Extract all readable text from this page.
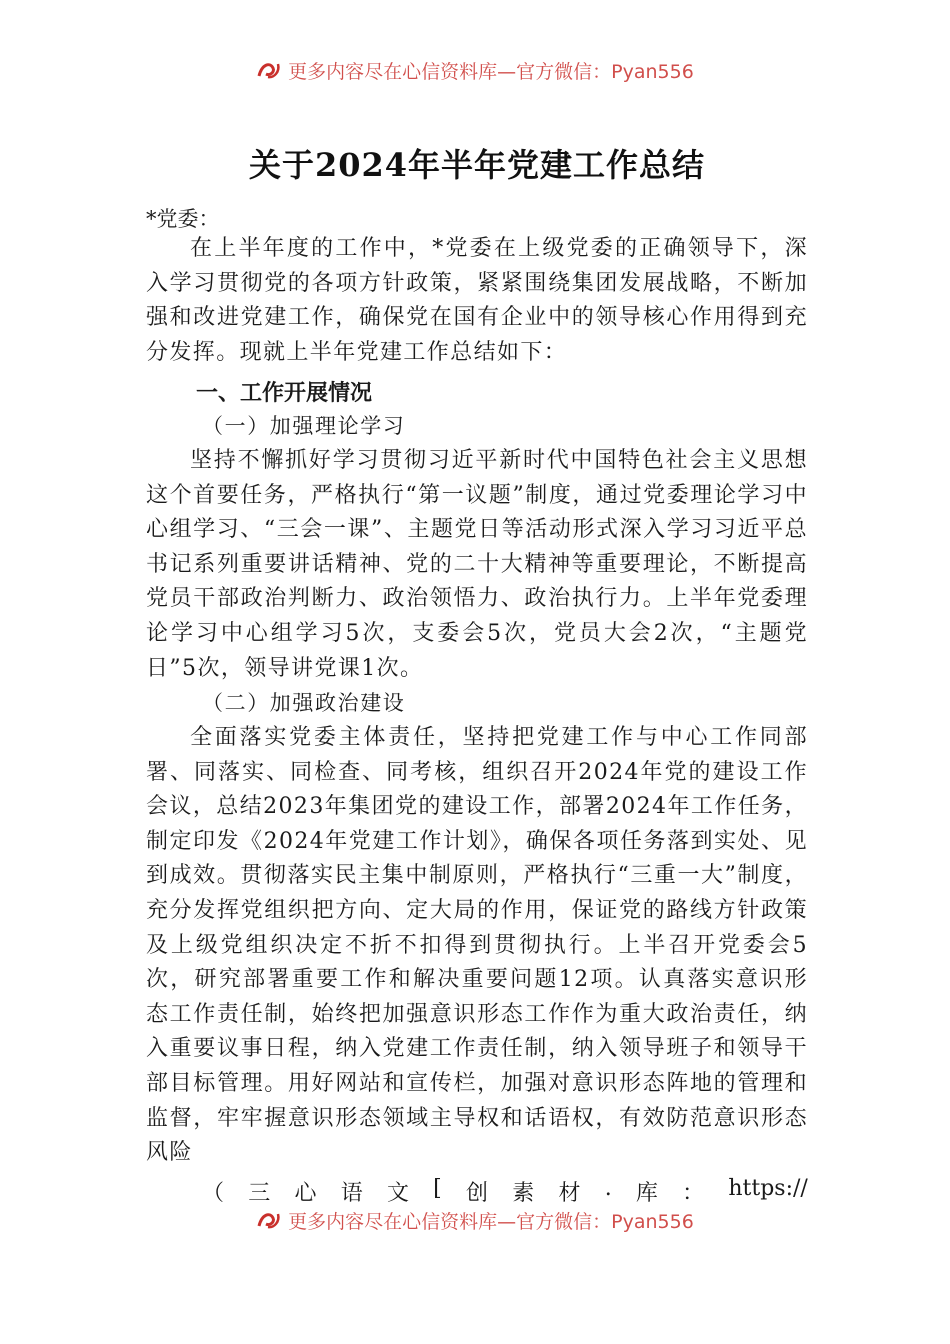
更多内容尽在心信资料库—官方微信：Pyan556
关于2024年半年党建工作总结
*党委：

在上半年度的工作中，*党委在上级党委的正确领导下，深入学习贯彻党的各项方针政策，紧紧围绕集团发展战略，不断加强和改进党建工作，确保党在国有企业中的领导核心作用得到充分发挥。现就上半年党建工作总结如下：

一、工作开展情况
（一）加强理论学习

坚持不懈抓好学习贯彻习近平新时代中国特色社会主义思想这个首要任务，严格执行“第一议题”制度，通过党委理论学习中心组学习、“三会一课”、主题党日等活动形式深入学习习近平总书记系列重要讲话精神、党的二十大精神等重要理论，不断提高党员干部政治判断力、政治领悟力、政治执行力。上半年党委理论学习中心组学习5次，支委会5次，党员大会2次，“主题党日”5次，领导讲党课1次。

（二）加强政治建设

全面落实党委主体责任，坚持把党建工作与中心工作同部署、同落实、同检查、同考核，组织召开2024年党的建设工作会议，总结2023年集团党的建设工作，部署2024年工作任务，制定印发《2024年党建工作计划》，确保各项任务落到实处、见到成效。贯彻落实民主集中制原则，严格执行“三重一大”制度，充分发挥党组织把方向、定大局的作用，保证党的路线方针政策及上级党组织决定不折不扣得到贯彻执行。上半召开党委会5次，研究部署重要工作和解决重要问题12项。认真落实意识形态工作责任制，始终把加强意识形态工作作为重大政治责任，纳入重要议事日程，纳入党建工作责任制，纳入领导班子和领导干部目标管理。用好网站和宣传栏，加强对意识形态阵地的管理和监督，牢牢握意识形态领域主导权和话语权，有效防范意识形态风险

（ 三 心 语 文 [ 创 素 材 . 库 ： https://
更多内容尽在心信资料库—官方微信：Pyan556
